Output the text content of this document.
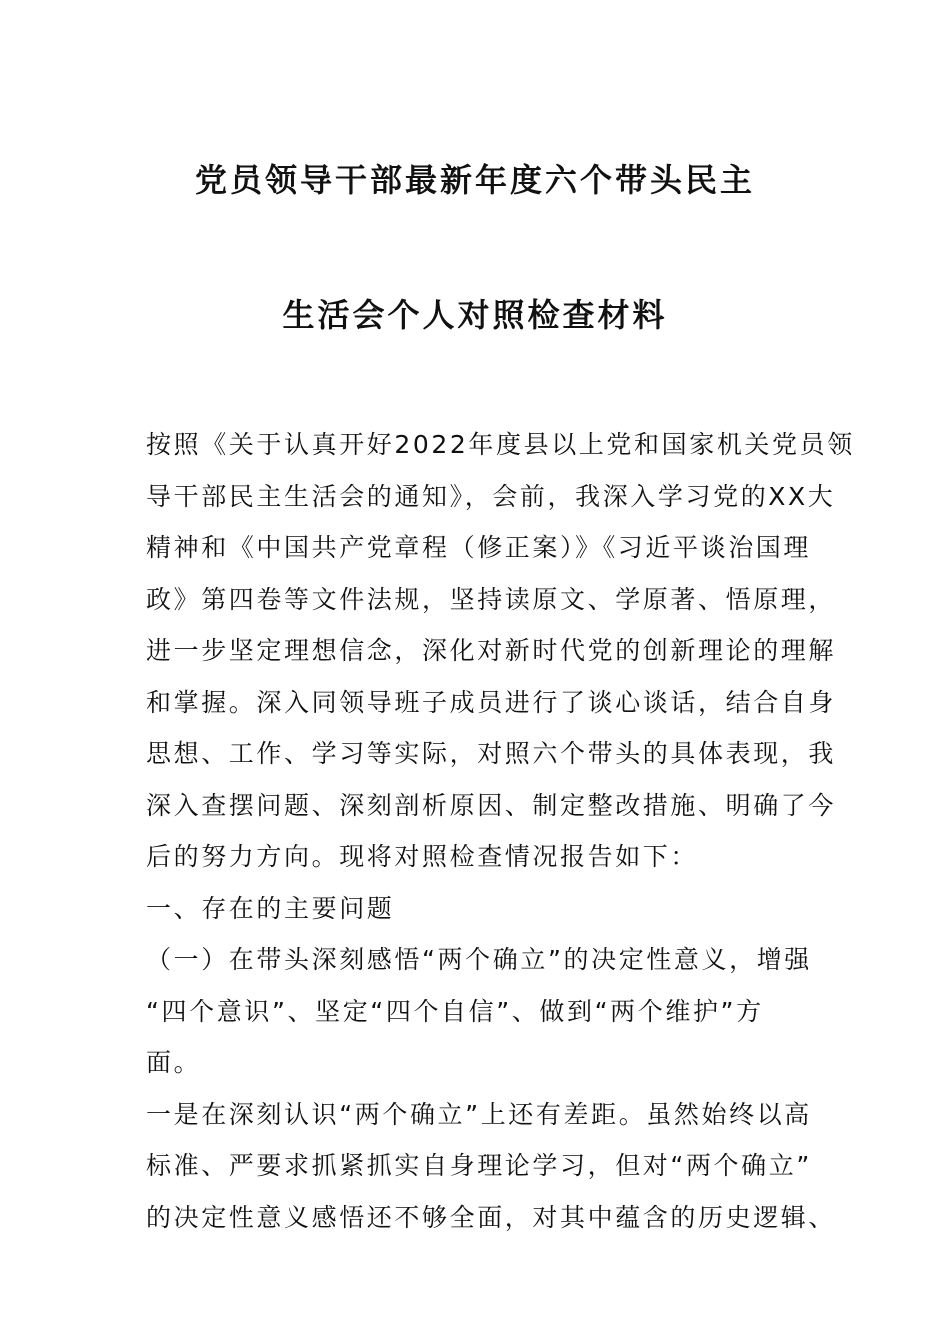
党员领导干部最新年度六个带头民主
生活会个人对照检查材料
按照《关于认真开好2022年度县以上党和国家机关党员领
导干部民主生活会的通知》，会前，我深入学习党的XX大
精神和《中国共产党章程（修正案）》《习近平谈治国理
政》第四卷等文件法规，坚持读原文、学原著、悟原理，
进一步坚定理想信念，深化对新时代党的创新理论的理解
和掌握。深入同领导班子成员进行了谈心谈话，结合自身
思想、工作、学习等实际，对照六个带头的具体表现，我
深入查摆问题、深刻剖析原因、制定整改措施、明确了今
后的努力方向。现将对照检查情况报告如下：
一、存在的主要问题
（一）在带头深刻感悟“两个确立”的决定性意义，增强
“四个意识”、坚定“四个自信”、做到“两个维护”方
面。
一是在深刻认识“两个确立”上还有差距。虽然始终以高
标准、严要求抓紧抓实自身理论学习，但对“两个确立”
的决定性意义感悟还不够全面，对其中蕴含的历史逻辑、
